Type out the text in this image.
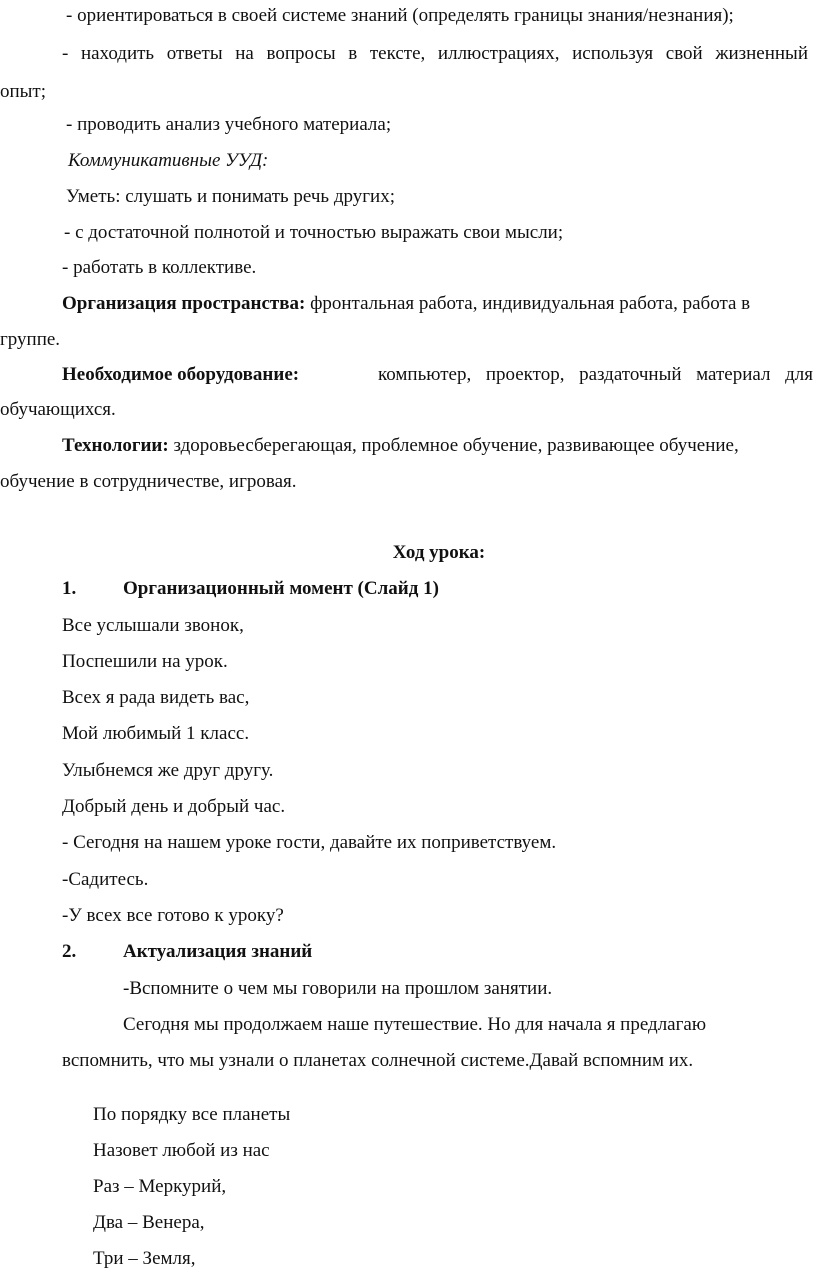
- ориентироваться в своей системе знаний (определять границы знания/незнания);
- находить ответы на вопросы в тексте, иллюстрациях, используя свой жизненный
опыт;
- проводить анализ учебного материала;
Коммуникативные УУД:
Уметь: слушать и понимать речь других;
- с достаточной полнотой и точностью выражать свои мысли;
- работать в коллективе.
Организация пространства: фронтальная работа, индивидуальная работа, работа в
группе.
Необходимое оборудование:	компьютер, проектор, раздаточный материал для
обучающихся.
Технологии: здоровьесберегающая, проблемное обучение, развивающее обучение,
обучение в сотрудничестве, игровая.
Ход урока:
1. Организационный момент (Слайд 1)
Все услышали звонок,
Поспешили на урок.
Всех я рада видеть вас,
Мой любимый 1 класс.
Улыбнемся же друг другу.
Добрый день и добрый час.
- Сегодня на нашем уроке гости, давайте их поприветствуем.
-Садитесь.
-У всех все готово к уроку?
2. Актуализация знаний
-Вспомните о чем мы говорили на прошлом занятии.
Сегодня мы продолжаем наше путешествие. Но для начала я предлагаю
вспомнить, что мы узнали о планетах солнечной системе.Давай вспомним их.
По порядку все планеты
Назовет любой из нас
Раз – Меркурий,
Два – Венера,
Три – Земля,
